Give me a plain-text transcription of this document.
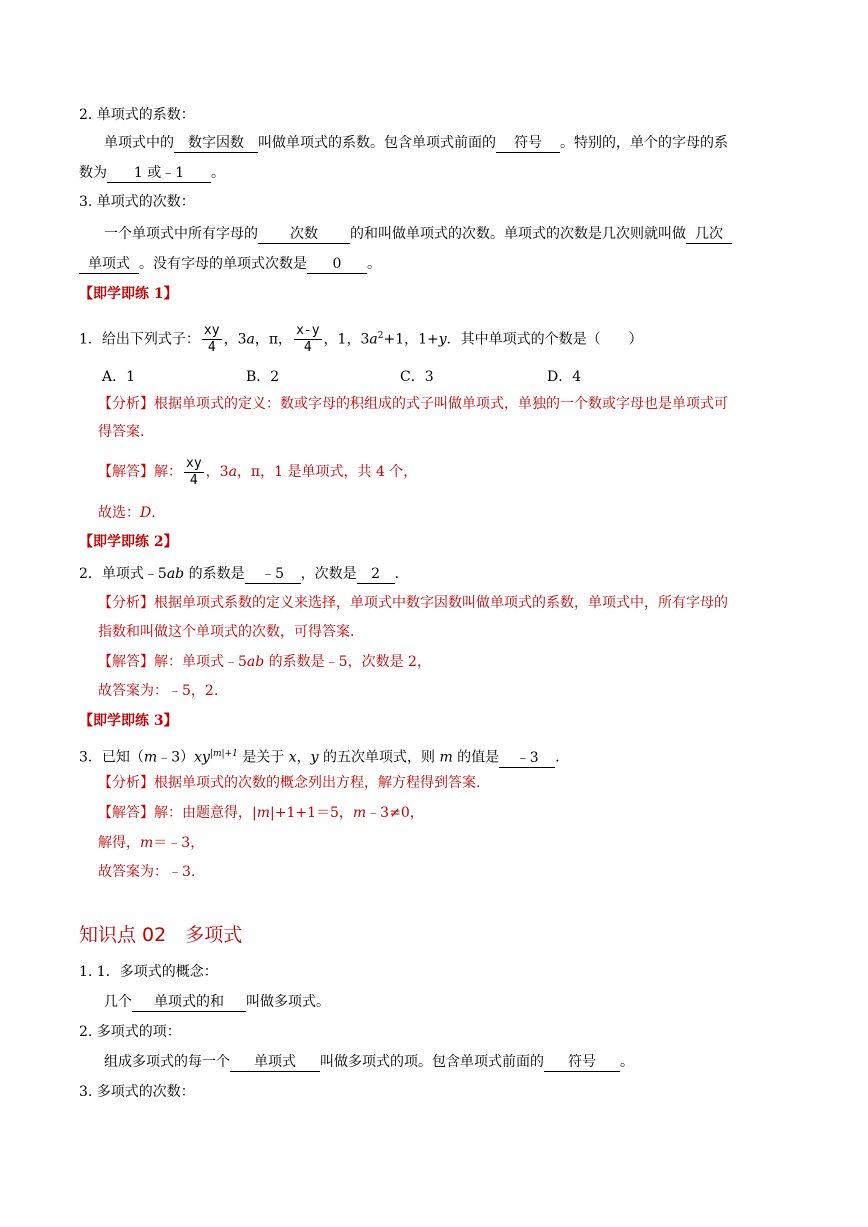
2. 单项式的系数：
单项式中的 数字因数 叫做单项式的系数。包含单项式前面的 符号 。特别的，单个的字母的系
数为 1 或﹣1 。
3. 单项式的次数：
一个单项式中所有字母的 次数 的和叫做单项式的次数。单项式的次数是几次则就叫做 几次
单项式 。没有字母的单项式次数是 0 。
【即学即练 1】
1．给出下列式子： $\frac{xy}{4}$ ，3a，π， $\frac{x-y}{4}$ ，1，$3a^2+1$，1+y．其中单项式的个数是（　　）
A．1	B．2	C．3	D．4
【分析】根据单项式的定义：数或字母的积组成的式子叫做单项式，单独的一个数或字母也是单项式可
得答案.
【解答】解： $\frac{xy}{4}$ ，3a，π，1 是单项式，共 4 个，
故选：D.
【即学即练 2】
2．单项式﹣5ab 的系数是 ﹣5 ，次数是 2 ．
【分析】根据单项式系数的定义来选择，单项式中数字因数叫做单项式的系数，单项式中，所有字母的
指数和叫做这个单项式的次数，可得答案.
【解答】解：单项式﹣5ab 的系数是﹣5，次数是 2，
故答案为：﹣5，2.
【即学即练 3】
3．已知$(m﹣3)xy^{|m|+1}$ 是关于 x，y 的五次单项式，则 m 的值是 ﹣3 ．
【分析】根据单项式的次数的概念列出方程，解方程得到答案.
【解答】解：由题意得，|m|+1+1＝5，m﹣3≠0，
解得，m＝﹣3，
故答案为：﹣3.
知识点 02　多项式
1. 1．多项式的概念：
几个 单项式的和 叫做多项式。
2. 多项式的项：
组成多项式的每一个 单项式 叫做多项式的项。包含单项式前面的 符号 。
3. 多项式的次数：
